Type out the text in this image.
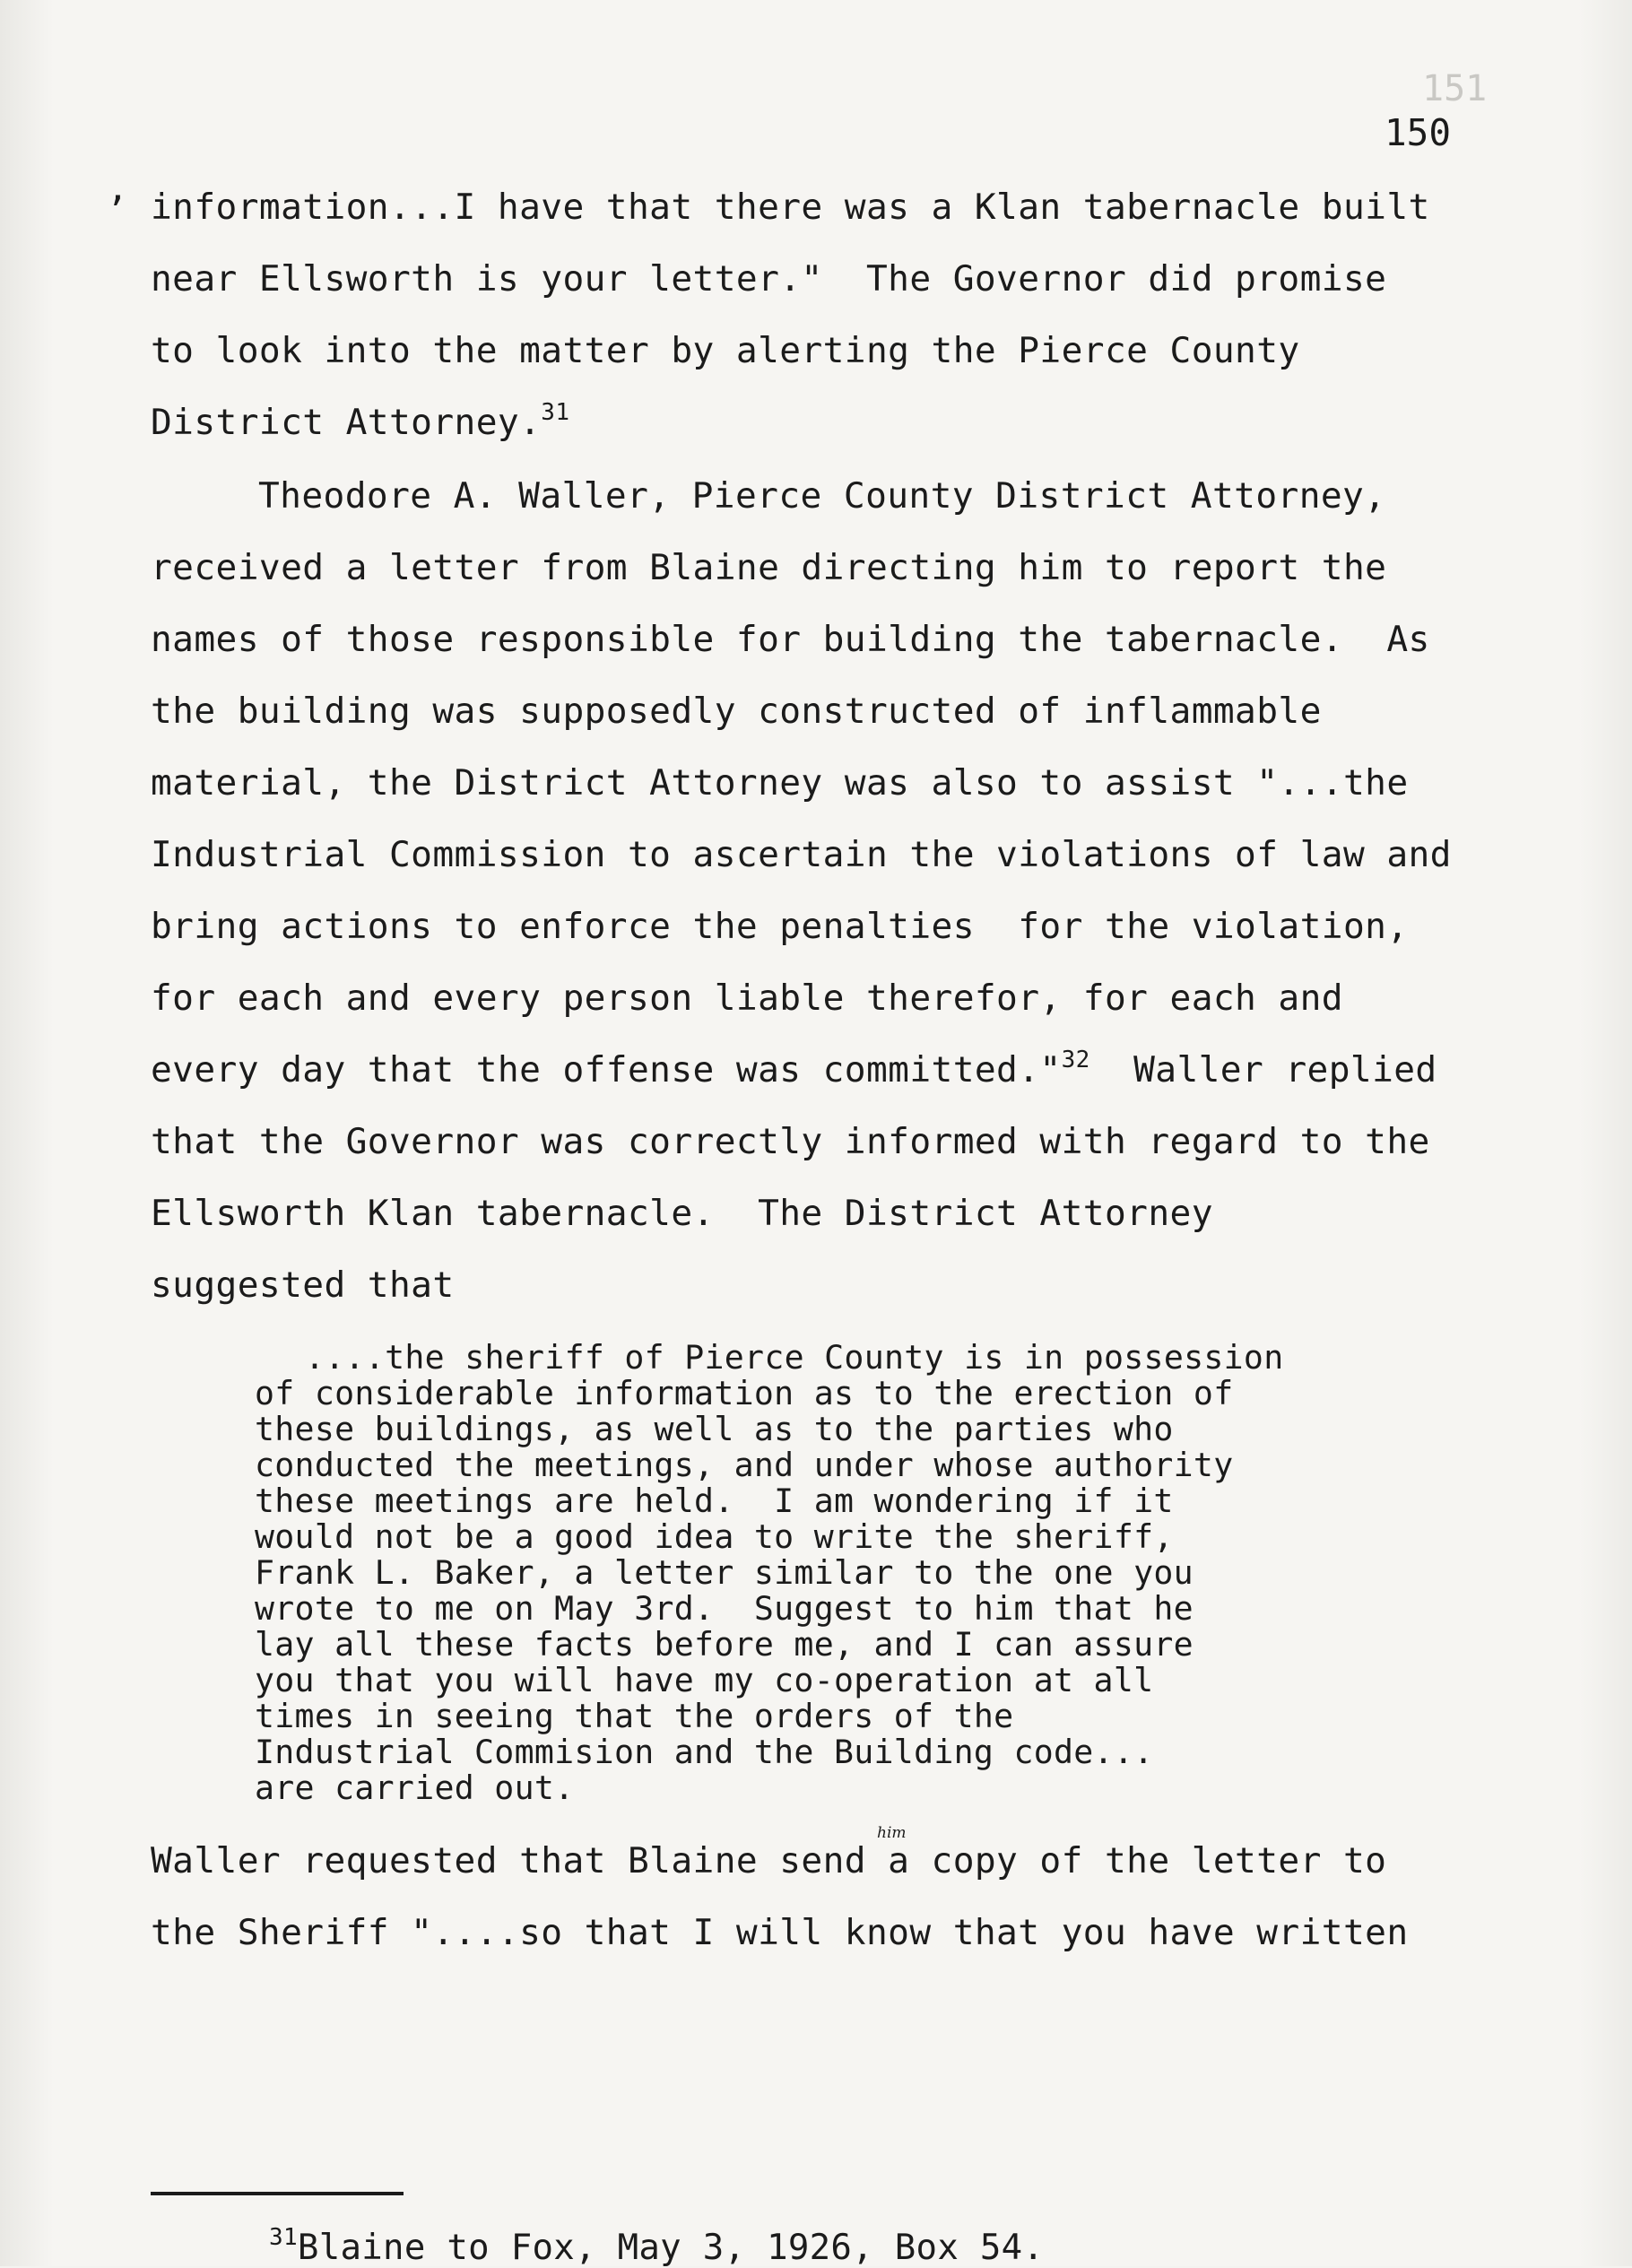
151
150
ʼ information...I have that there was a Klan tabernacle built
near Ellsworth is your letter."  The Governor did promise
to look into the matter by alerting the Pierce County
District Attorney.$^{31}$
Theodore A. Waller, Pierce County District Attorney,
received a letter from Blaine directing him to report the
names of those responsible for building the tabernacle.  As
the building was supposedly constructed of inflammable
material, the District Attorney was also to assist "...the
Industrial Commission to ascertain the violations of law and
bring actions to enforce the penalties  for the violation,
for each and every person liable therefor, for each and
every day that the offense was committed."$^{32}$  Waller replied
that the Governor was correctly informed with regard to the
Ellsworth Klan tabernacle.  The District Attorney
suggested that
....the sheriff of Pierce County is in possession
of considerable information as to the erection of
these buildings, as well as to the parties who
conducted the meetings, and under whose authority
these meetings are held.  I am wondering if it
would not be a good idea to write the sheriff,
Frank L. Baker, a letter similar to the one you
wrote to me on May 3rd.  Suggest to him that he
lay all these facts before me, and I can assure
you that you will have my co-operation at all
times in seeing that the orders of the
Industrial Commision and the Building code...
are carried out.
him
Waller requested that Blaine send a copy of the letter to
the Sheriff "....so that I will know that you have written
$^{31}$Blaine to Fox, May 3, 1926, Box 54.
